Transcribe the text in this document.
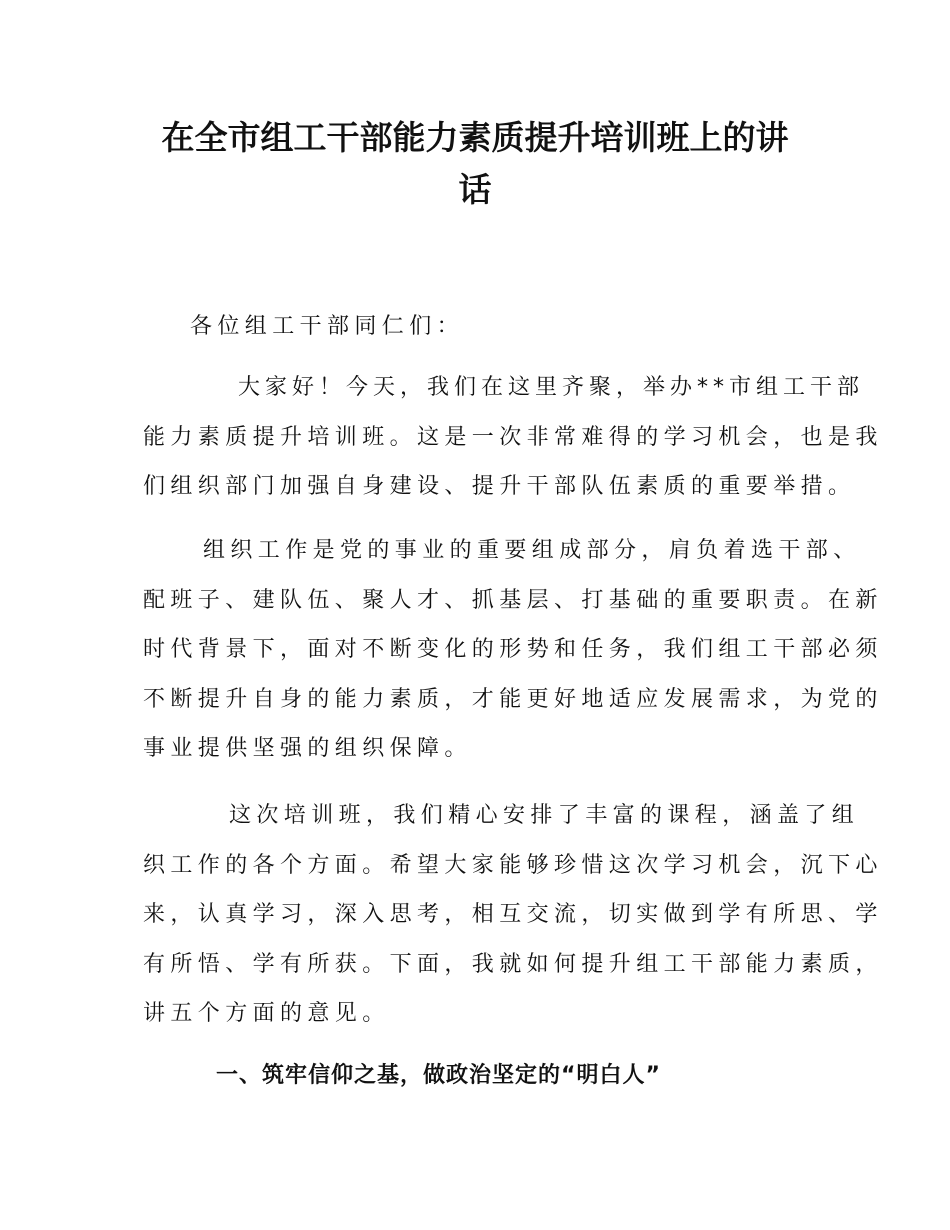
在全市组工干部能力素质提升培训班上的讲
话
各位组工干部同仁们：
大家好！今天，我们在这里齐聚，举办**市组工干部
能力素质提升培训班。这是一次非常难得的学习机会，也是我
们组织部门加强自身建设、提升干部队伍素质的重要举措。
组织工作是党的事业的重要组成部分，肩负着选干部、
配班子、建队伍、聚人才、抓基层、打基础的重要职责。在新
时代背景下，面对不断变化的形势和任务，我们组工干部必须
不断提升自身的能力素质，才能更好地适应发展需求，为党的
事业提供坚强的组织保障。
这次培训班，我们精心安排了丰富的课程，涵盖了组
织工作的各个方面。希望大家能够珍惜这次学习机会，沉下心
来，认真学习，深入思考，相互交流，切实做到学有所思、学
有所悟、学有所获。下面，我就如何提升组工干部能力素质，
讲五个方面的意见。
一、筑牢信仰之基，做政治坚定的“明白人”
